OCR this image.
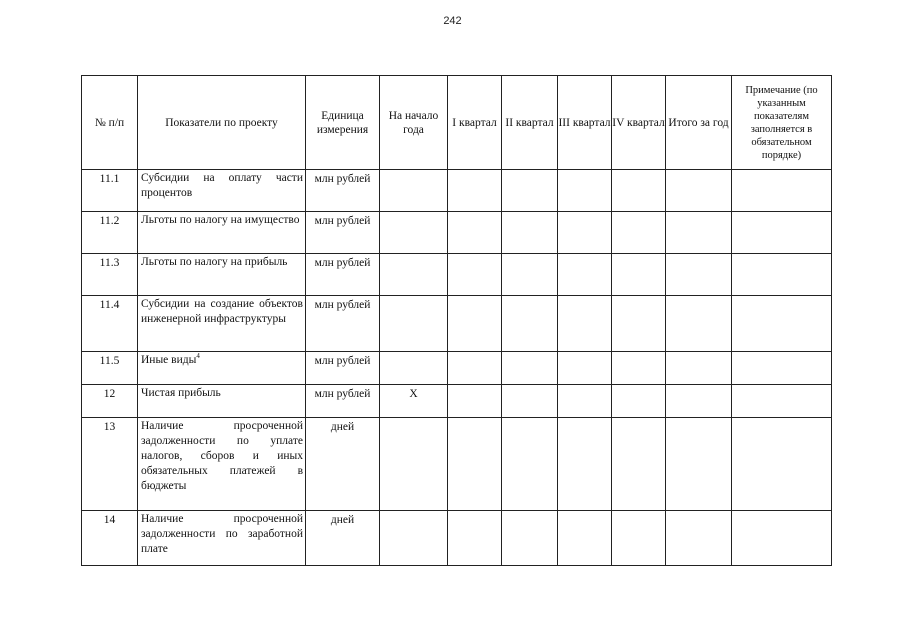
242
№ п/п	Показатели по проекту	Единица измерения	На начало года	I квартал	II квартал	III квартал	IV квартал	Итого за год	Примечание (по указанным показателям заполняется в обязательном порядке)
11.1	Субсидии на оплату части процентов	млн рублей							
11.2	Льготы по налогу на имущество	млн рублей							
11.3	Льготы по налогу на прибыль	млн рублей							
11.4	Субсидии на создание объектов инженерной инфраструктуры	млн рублей							
11.5	Иные виды$^4$	млн рублей							
12	Чистая прибыль	млн рублей	X						
13	Наличие просроченной задолженности по уплате налогов, сборов и иных обязательных платежей в бюджеты	дней							
14	Наличие просроченной задолженности по заработной плате	дней							
